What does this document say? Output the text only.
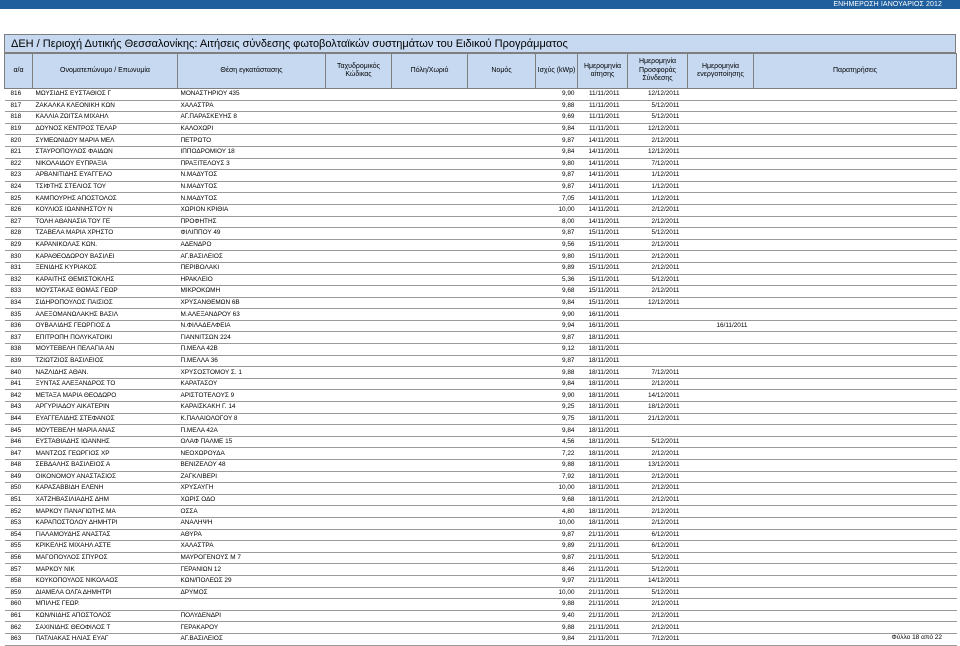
ΕΝΗΜΕΡΩΣΗ ΙΑΝΟΥΑΡΙΟΣ 2012
ΔΕΗ / Περιοχή Δυτικής Θεσσαλονίκης: Αιτήσεις σύνδεσης φωτοβολταϊκών συστημάτων του Ειδικού Προγράμματος
α/α	Ονοματεπώνυμο / Επωνυμία	Θέση εγκατάστασης	Ταχυδρομικός Κώδικας	Πόλη/Χωριό	Νομός	Ισχύς (kWp)	Ημερομηνία αίτησης	Ημερομηνία Προσφοράς Σύνδεσης	Ημερομηνία ενεργοποίησης	Παρατηρήσεις
816	ΜΩΥΣΙΔΗΣ ΕΥΣΤΑΘΙΟΣ Γ	ΜΟΝΑΣΤΗΡΙΟΥ 435				9,90	11/11/2011	12/12/2011		
817	ΖΑΚΑΛΚΑ ΚΛΕΟΝΙΚΗ ΚΩΝ	ΧΑΛΑΣΤΡΑ				9,88	11/11/2011	5/12/2011		
818	ΚΑΛΛΙΑ ΖΩΙΤΣΑ ΜΙΧΑΗΛ	ΑΓ.ΠΑΡΑΣΚΕΥΗΣ 8				9,69	11/11/2011	5/12/2011		
819	ΔΟΥΝΟΣ ΚΕΝΤΡΟΣ ΤΕΛΑΡ	ΚΑΛΟΧΩΡΙ				9,84	11/11/2011	12/12/2011		
820	ΣΥΜΕΩΝΙΔΟΥ ΜΑΡΙΑ ΜΕΛ	ΠΕΤΡΩΤΟ				9,87	14/11/2011	2/12/2011		
821	ΣΤΑΥΡΟΠΟΥΛΟΣ ΦΑΙΔΩΝ	ΙΠΠΟΔΡΟΜΙΟΥ 18				9,84	14/11/2011	12/12/2011		
822	ΝΙΚΟΛΑΙΔΟΥ ΕΥΠΡΑΞΙΑ	ΠΡΑΞΙΤΕΛΟΥΣ 3				9,80	14/11/2011	7/12/2011		
823	ΑΡΒΑΝΙΤΙΔΗΣ ΕΥΑΓΓΕΛΟ	Ν.ΜΑΔΥΤΟΣ				9,87	14/11/2011	1/12/2011		
824	ΤΣΙΦΤΗΣ ΣΤΕΛΙΟΣ ΤΟΥ	Ν.ΜΑΔΥΤΟΣ				9,87	14/11/2011	1/12/2011		
825	ΚΑΜΠΟΥΡΗΣ ΑΠΟΣΤΟΛΟΣ	Ν.ΜΑΔΥΤΟΣ				7,05	14/11/2011	1/12/2011		
826	ΚΟΥΛΙΟΣ ΙΩΑΝΝΗΣΤΟΥ Ν	ΧΩΡΙΟΝ ΚΡΙΘΙΑ				10,00	14/11/2011	2/12/2011		
827	ΤΟΛΗ ΑΘΑΝΑΣΙΑ ΤΟΥ ΓΕ	ΠΡΟΦΗΤΗΣ				8,00	14/11/2011	2/12/2011		
828	ΤΖΑΒΕΛΑ ΜΑΡΙΑ ΧΡΗΣΤΟ	ΦΙΛΙΠΠΟΥ 49				9,87	15/11/2011	5/12/2011		
829	ΚΑΡΑΝΙΚΟΛΑΣ ΚΩΝ.	ΑΔΕΝΔΡΟ				9,56	15/11/2011	2/12/2011		
830	ΚΑΡΑΘΕΟΔΩΡΟΥ ΒΑΣΙΛΕΙ	ΑΓ.ΒΑΣΙΛΕΙΟΣ				9,80	15/11/2011	2/12/2011		
831	ΞΕΝΙΔΗΣ ΚΥΡΙΑΚΟΣ	ΠΕΡΙΒΟΛΑΚΙ				9,89	15/11/2011	2/12/2011		
832	ΚΑΡΑΙΤΗΣ ΘΕΜΙΣΤΟΚΛΗΣ	ΗΡΑΚΛΕΙΟ				5,36	15/11/2011	5/12/2011		
833	ΜΟΥΣΤΑΚΑΣ ΘΩΜΑΣ ΓΕΩΡ	ΜΙΚΡΟΚΩΜΗ				9,68	15/11/2011	2/12/2011		
834	ΣΙΔΗΡΟΠΟΥΛΟΣ ΠΑΙΣΙΟΣ	ΧΡΥΣΑΝΘΕΜΩΝ 6Β				9,84	15/11/2011	12/12/2011		
835	ΑΛΕΞΟΜΑΝΩΛΑΚΗΣ ΒΑΣΙΛ	Μ.ΑΛΕΞΑΝΔΡΟΥ 63				9,90	16/11/2011			
836	ΟΥΒΑΛΙΔΗΣ ΓΕΩΡΓΙΟΣ Δ	Ν.ΦΙΛΑΔΕΛΦΕΙΑ				9,94	16/11/2011		16/11/2011	
837	ΕΠΙΤΡΟΠΗ ΠΟΛΥΚΑΤΟΙΚΙ	ΓΙΑΝΝΙΤΣΩΝ 224				9,87	18/11/2011			
838	ΜΟΥΤΕΒΕΛΗ ΠΕΛΑΓΙΑ ΑΝ	Π.ΜΕΛΑ 42Β				9,12	18/11/2011			
839	ΤΖΙΩΤΖΙΟΣ ΒΑΣΙΛΕΙΟΣ	Π.ΜΕΛΛΑ 36				9,87	18/11/2011			
840	ΝΑΖΛΙΔΗΣ ΑΘΑΝ.	ΧΡΥΣΟΣΤΟΜΟΥ Σ. 1				9,88	18/11/2011	7/12/2011		
841	ΞΥΝΤΑΣ ΑΛΕΞΑΝΔΡΟΣ ΤΟ	ΚΑΡΑΤΑΣΟΥ				9,84	18/11/2011	2/12/2011		
842	ΜΕΤΑΞΑ ΜΑΡΙΑ ΘΕΟΔΩΡΟ	ΑΡΙΣΤΟΤΕΛΟΥΣ 9				9,90	18/11/2011	14/12/2011		
843	ΑΡΓΥΡΙΑΔΟΥ ΑΙΚΑΤΕΡΙΝ	ΚΑΡΑΙΣΚΑΚΗ Γ. 14				9,25	18/11/2011	18/12/2011		
844	ΕΥΑΓΓΕΛΙΔΗΣ ΣΤΕΦΑΝΟΣ	Κ.ΠΑΛΑΙΟΛΟΓΟΥ 8				9,75	18/11/2011	21/12/2011		
845	ΜΟΥΤΕΒΕΛΗ ΜΑΡΙΑ ΑΝΑΣ	Π.ΜΕΛΑ 42Α				9,84	18/11/2011			
846	ΕΥΣΤΑΘΙΑΔΗΣ ΙΩΑΝΝΗΣ	ΟΛΑΦ ΠΑΛΜΕ 15				4,56	18/11/2011	5/12/2011		
847	ΜΑΝΤΖΟΣ ΓΕΩΡΓΙΟΣ ΧΡ	ΝΕΟΧΩΡΟΥΔΑ				7,22	18/11/2011	2/12/2011		
848	ΣΕΒΔΑΛΗΣ ΒΑΣΙΛΕΙΟΣ Α	ΒΕΝΙΖΕΛΟΥ 48				9,88	18/11/2011	13/12/2011		
849	ΟΙΚΟΝΟΜΟΥ ΑΝΑΣΤΑΣΙΟΣ	ΖΑΓΚΛΙΒΕΡΙ				7,92	18/11/2011	2/12/2011		
850	ΚΑΡΑΣΑΒΒΙΔΗ ΕΛΕΝΗ	ΧΡΥΣΑΥΓΗ				10,00	18/11/2011	2/12/2011		
851	ΧΑΤΖΗΒΑΣΙΛΙΑΔΗΣ ΔΗΜ	ΧΩΡΙΣ ΟΔΟ				9,68	18/11/2011	2/12/2011		
852	ΜΑΡΚΟΥ ΠΑΝΑΓΙΩΤΗΣ ΜΑ	ΟΣΣΑ				4,80	18/11/2011	2/12/2011		
853	ΚΑΡΑΠΟΣΤΟΛΟΥ ΔΗΜΗΤΡΙ	ΑΝΑΛΗΨΗ				10,00	18/11/2011	2/12/2011		
854	ΓΙΑΛΑΜΟΥΔΗΣ ΑΝΑΣΤΑΣ	ΑΘΥΡΑ				9,87	21/11/2011	6/12/2011		
855	ΚΡΙΚΕΛΗΣ ΜΙΧΑΗΛ ΑΣΤΕ	ΧΑΛΑΣΤΡΑ				9,89	21/11/2011	6/12/2011		
856	ΜΑΓΟΠΟΥΛΟΣ ΣΠΥΡΟΣ	ΜΑΥΡΟΓΕΝΟΥΣ Μ 7				9,87	21/11/2011	5/12/2011		
857	ΜΑΡΚΟΥ ΝΙΚ	ΓΕΡΑΝΙΩΝ 12				8,46	21/11/2011	5/12/2011		
858	ΚΟΥΚΟΠΟΥΛΟΣ ΝΙΚΟΛΑΟΣ	ΚΩΝ/ΠΟΛΕΩΣ 29				9,97	21/11/2011	14/12/2011		
859	ΔΙΑΜΕΛΑ ΟΛΓΑ ΔΗΜΗΤΡΙ	ΔΡΥΜΟΣ				10,00	21/11/2011	5/12/2011		
860	ΜΠΙΛΗΣ ΓΕΩΡ.					9,88	21/11/2011	2/12/2011		
861	ΚΩΝ/ΝΙΔΗΣ ΑΠΟΣΤΟΛΟΣ	ΠΟΛΥΔΕΝΔΡΙ				9,40	21/11/2011	2/12/2011		
862	ΣΑΧΙΝΙΔΗΣ ΘΕΟΦΙΛΟΣ Τ	ΓΕΡΑΚΑΡΟΥ				9,88	21/11/2011	2/12/2011		
863	ΠΑΤΛΙΑΚΑΣ ΗΛΙΑΣ ΕΥΑΓ	ΑΓ.ΒΑΣΙΛΕΙΟΣ				9,84	21/11/2011	7/12/2011			Φύλλο 18 από 22
